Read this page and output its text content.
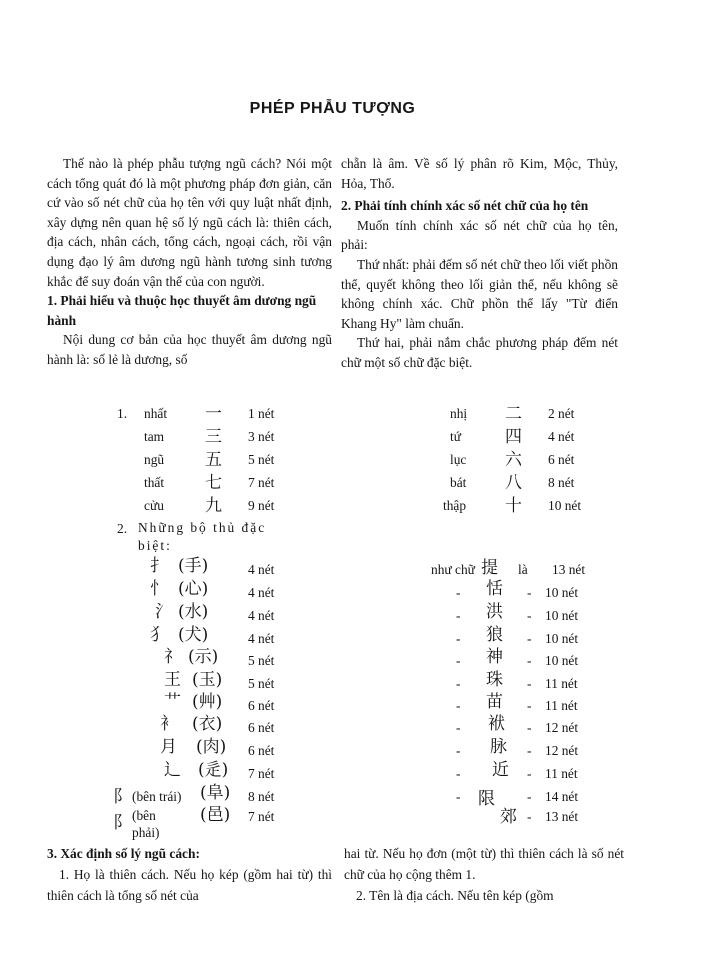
PHÉP PHẪU TƯỢNG

Thế nào là phép phẫu tượng ngũ cách? Nói một cách tổng quát đó là một phương pháp đơn giản, căn cứ vào số nét chữ của họ tên với quy luật nhất định, xây dựng nên quan hệ số lý ngũ cách là: thiên cách, địa cách, nhân cách, tổng cách, ngoại cách, rồi vận dụng đạo lý âm dương ngũ hành tương sinh tương khắc để suy đoán vận thế của con người.

1. Phải hiểu và thuộc học thuyết âm dương ngũ hành

Nội dung cơ bản của học thuyết âm dương ngũ hành là: số lẻ là dương, số

chẵn là âm. Về số lý phân rõ Kim, Mộc, Thủy, Hỏa, Thổ.

2. Phải tính chính xác số nét chữ của họ tên

Muốn tính chính xác số nét chữ của họ tên, phải:

Thứ nhất: phải đếm số nét chữ theo lối viết phồn thể, quyết không theo lối giản thể, nếu không sẽ không chính xác. Chữ phồn thể lấy "Từ điển Khang Hy" làm chuẩn.

Thứ hai, phải nắm chắc phương pháp đếm nét chữ một số chữ đặc biệt.

1. nhất 一 1 nét	nhị 二 2 nét
tam 三 3 nét	tứ	四 4 nét
ngũ 五 5 nét	lục 六 6 nét
thất 七 7 nét	bát 八 8 nét
cửu 九 9 nét	thập 十 10 nét
2. Những bộ thủ đặc biệt:
扌 (手)	4 nét	như chữ 提 là 13 nét
忄 (心)	4 nét	- 恬 - 10 nét
氵 (水)	4 nét	- 洪 - 10 nét
犭 (犬)	4 nét	- 狼 - 10 nét
礻 (示) 5 nét	- 神 - 10 nét
王 (玉) 5 nét	- 珠 - 11 nét
艹 (艸) 6 nét	- 苗 - 11 nét
衤 (衣) 6 nét	- 袱 - 12 nét
月 (肉) 6 nét	- 脉 - 12 nét
辶 (辵) 7 nét	- 近 - 11 nét
阝 (bên trái) (阜) 8 nét	- 限 - 14 nét
阝 (bên phải)
(邑) 7 nét	郊 - 13 nét

3. Xác định số lý ngũ cách:

1. Họ là thiên cách. Nếu họ kép (gồm hai từ) thì thiên cách là tổng số nét của

hai từ. Nếu họ đơn (một từ) thì thiên cách là số nét chữ của họ cộng thêm 1.

2. Tên là địa cách. Nếu tên kép (gồm
